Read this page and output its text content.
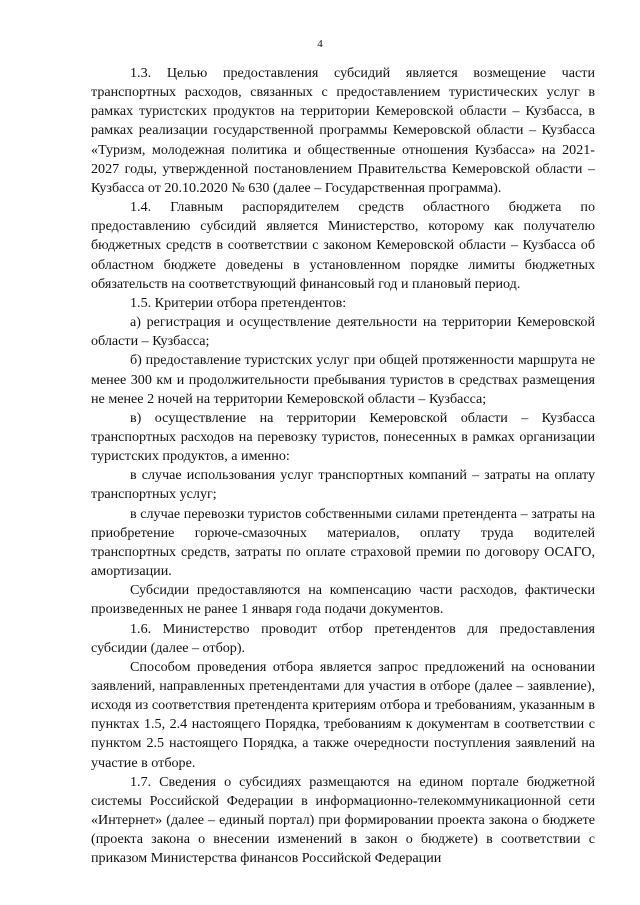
4

1.3. Целью предоставления субсидий является возмещение части транспортных расходов, связанных с предоставлением туристических услуг в рамках туристских продуктов на территории Кемеровской области – Кузбасса, в рамках реализации государственной программы Кемеровской области – Кузбасса «Туризм, молодежная политика и общественные отношения Кузбасса» на 2021-2027 годы, утвержденной постановлением Правительства Кемеровской области – Кузбасса от 20.10.2020 № 630 (далее – Государственная программа).

1.4. Главным распорядителем средств областного бюджета по предоставлению субсидий является Министерство, которому как получателю бюджетных средств в соответствии с законом Кемеровской области – Кузбасса об областном бюджете доведены в установленном порядке лимиты бюджетных обязательств на соответствующий финансовый год и плановый период.

1.5. Критерии отбора претендентов:

а) регистрация и осуществление деятельности на территории Кемеровской области – Кузбасса;

б) предоставление туристских услуг при общей протяженности маршрута не менее 300 км и продолжительности пребывания туристов в средствах размещения не менее 2 ночей на территории Кемеровской области – Кузбасса;

в) осуществление на территории Кемеровской области – Кузбасса транспортных расходов на перевозку туристов, понесенных в рамках организации туристских продуктов, а именно:

в случае использования услуг транспортных компаний – затраты на оплату транспортных услуг;

в случае перевозки туристов собственными силами претендента – затраты на приобретение горюче-смазочных материалов, оплату труда водителей транспортных средств, затраты по оплате страховой премии по договору ОСАГО, амортизации.

Субсидии предоставляются на компенсацию части расходов, фактически произведенных не ранее 1 января года подачи документов.

1.6. Министерство проводит отбор претендентов для предоставления субсидии (далее – отбор).

Способом проведения отбора является запрос предложений на основании заявлений, направленных претендентами для участия в отборе (далее – заявление), исходя из соответствия претендента критериям отбора и требованиям, указанным в пунктах 1.5, 2.4 настоящего Порядка, требованиям к документам в соответствии с пунктом 2.5 настоящего Порядка, а также очередности поступления заявлений на участие в отборе.

1.7. Сведения о субсидиях размещаются на едином портале бюджетной системы Российской Федерации в информационно-телекоммуникационной сети «Интернет» (далее – единый портал) при формировании проекта закона о бюджете (проекта закона о внесении изменений в закон о бюджете) в соответствии с приказом Министерства финансов Российской Федерации
